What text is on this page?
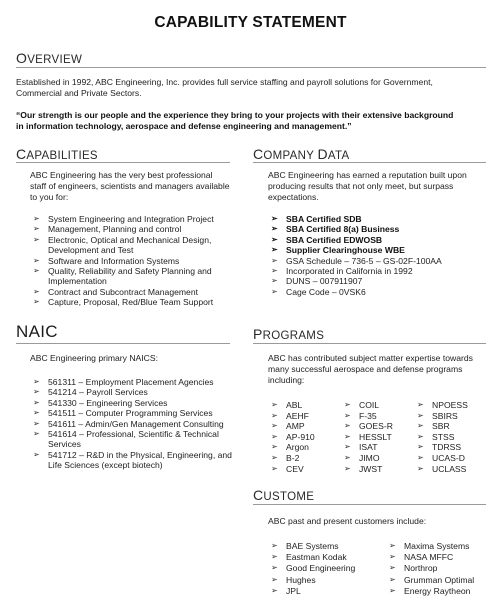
CAPABILITY STATEMENT
OVERVIEW
Established in 1992, ABC Engineering, Inc. provides full service staffing and payroll solutions for Government, Commercial and Private Sectors.
“Our strength is our people and the experience they bring to your projects with their extensive background in information technology, aerospace and defense engineering and management.”
CAPABILITIES
ABC Engineering has the very best professional staff of engineers, scientists and managers available to you for:
➢ System Engineering and Integration Project
➢ Management, Planning and control
➢ Electronic, Optical and Mechanical Design, Development and Test
➢ Software and Information Systems
➢ Quality, Reliability and Safety Planning and Implementation
➢ Contract and Subcontract Management
➢ Capture, Proposal, Red/Blue Team Support
COMPANY DATA
ABC Engineering has earned a reputation built upon producing results that not only meet, but surpass expectations.
➢ SBA Certified SDB
➢ SBA Certified 8(a) Business
➢ SBA Certified EDWOSB
➢ Supplier Clearinghouse WBE
➢ GSA Schedule – 736-5 – GS-02F-100AA
➢ Incorporated in California in 1992
➢ DUNS – 007911907
➢ Cage Code – 0VSK6
NAIC
ABC Engineering primary NAICS:
➢ 561311 – Employment Placement Agencies
➢ 541214 – Payroll Services
➢ 541330 – Engineering Services
➢ 541511 – Computer Programming Services
➢ 541611 – Admin/Gen Management Consulting
➢ 541614 – Professional, Scientific & Technical Services
➢ 541712 – R&D in the Physical, Engineering, and Life Sciences (except biotech)
PROGRAMS
ABC has contributed subject matter expertise towards many successful aerospace and defense programs including:
➢ ABL	➢ COIL	➢ NPOESS
➢ AEHF	➢ F-35	➢ SBIRS
➢ AMP	➢ GOES-R	➢ SBR
➢ AP-910	➢ HESSLT	➢ STSS
➢ Argon	➢ ISAT	➢ TDRSS
➢ B-2	➢ JIMO	➢ UCAS-D
➢ CEV	➢ JWST	➢ UCLASS
CUSTOME
ABC past and present customers include:
➢ BAE Systems	➢ Maxima Systems
➢ Eastman Kodak	➢ NASA MFFC
➢ Good Engineering	➢ Northrop
➢ Hughes	➢ Grumman Optimal
➢ JPL	➢ Energy Raytheon
